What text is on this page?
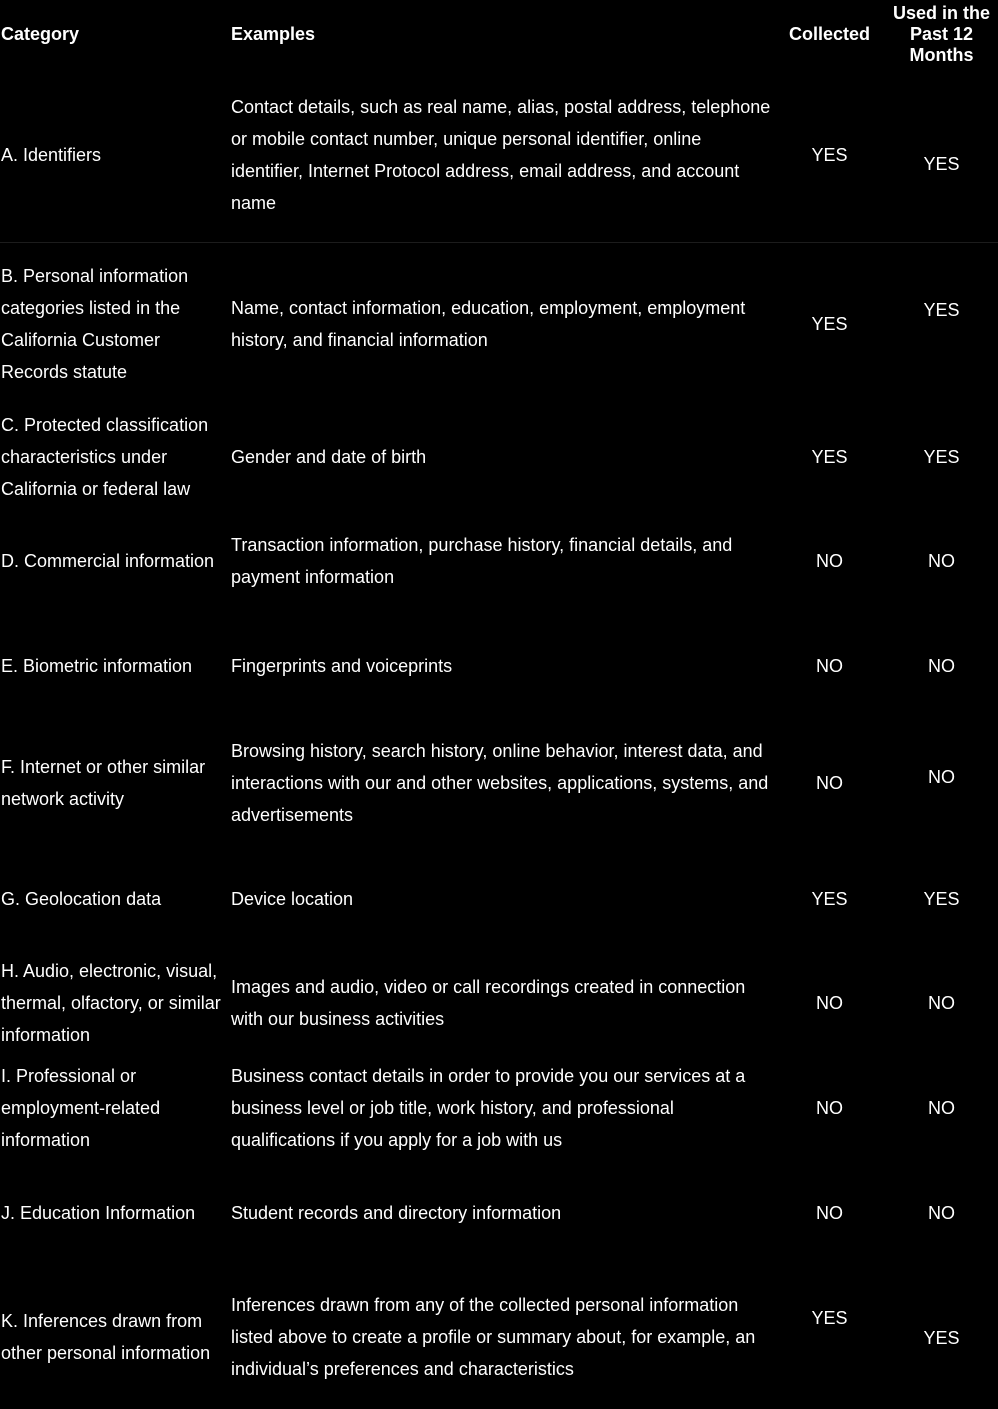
Category	Examples	Collected	Used in the Past 12 Months
A. Identifiers	Contact details, such as real name, alias, postal address, telephone or mobile contact number, unique personal identifier, online identifier, Internet Protocol address, email address, and account name	YES	YES
B. Personal information categories listed in the California Customer Records statute	Name, contact information, education, employment, employment history, and financial information	YES	YES
C. Protected classification characteristics under California or federal law	Gender and date of birth	YES	YES
D. Commercial information	Transaction information, purchase history, financial details, and payment information	NO	NO
E. Biometric information	Fingerprints and voiceprints	NO	NO
F. Internet or other similar network activity	Browsing history, search history, online behavior, interest data, and interactions with our and other websites, applications, systems, and advertisements	NO	NO
G. Geolocation data	Device location	YES	YES
H. Audio, electronic, visual, thermal, olfactory, or similar information	Images and audio, video or call recordings created in connection with our business activities	NO	NO
I. Professional or employment-related information	Business contact details in order to provide you our services at a business level or job title, work history, and professional qualifications if you apply for a job with us	NO	NO
J. Education Information	Student records and directory information	NO	NO
K. Inferences drawn from other personal information	Inferences drawn from any of the collected personal information listed above to create a profile or summary about, for example, an individual’s preferences and characteristics	YES	YES
